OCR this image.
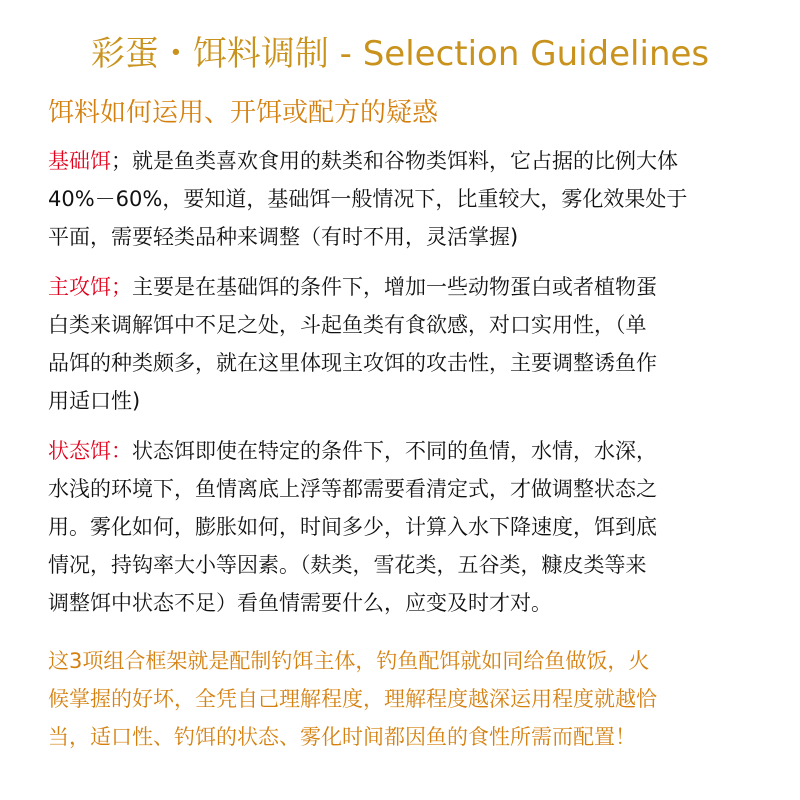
彩蛋・饵料调制 - Selection Guidelines
饵料如何运用、开饵或配方的疑惑
基础饵；就是鱼类喜欢食用的麸类和谷物类饵料，它占据的比例大体
40%－60%，要知道，基础饵一般情况下，比重较大，雾化效果处于
平面，需要轻类品种来调整（有时不用，灵活掌握)
主攻饵；主要是在基础饵的条件下，增加一些动物蛋白或者植物蛋
白类来调解饵中不足之处，斗起鱼类有食欲感，对口实用性，（单
品饵的种类颇多，就在这里体现主攻饵的攻击性，主要调整诱鱼作
用适口性)
状态饵：状态饵即使在特定的条件下，不同的鱼情，水情，水深，
水浅的环境下，鱼情离底上浮等都需要看清定式，才做调整状态之
用。雾化如何，膨胀如何，时间多少，计算入水下降速度，饵到底
情况，持钩率大小等因素。（麸类，雪花类，五谷类，糠皮类等来
调整饵中状态不足）看鱼情需要什么，应变及时才对。
这3项组合框架就是配制钓饵主体，钓鱼配饵就如同给鱼做饭，火
候掌握的好坏，全凭自己理解程度，理解程度越深运用程度就越恰
当，适口性、钓饵的状态、雾化时间都因鱼的食性所需而配置！
